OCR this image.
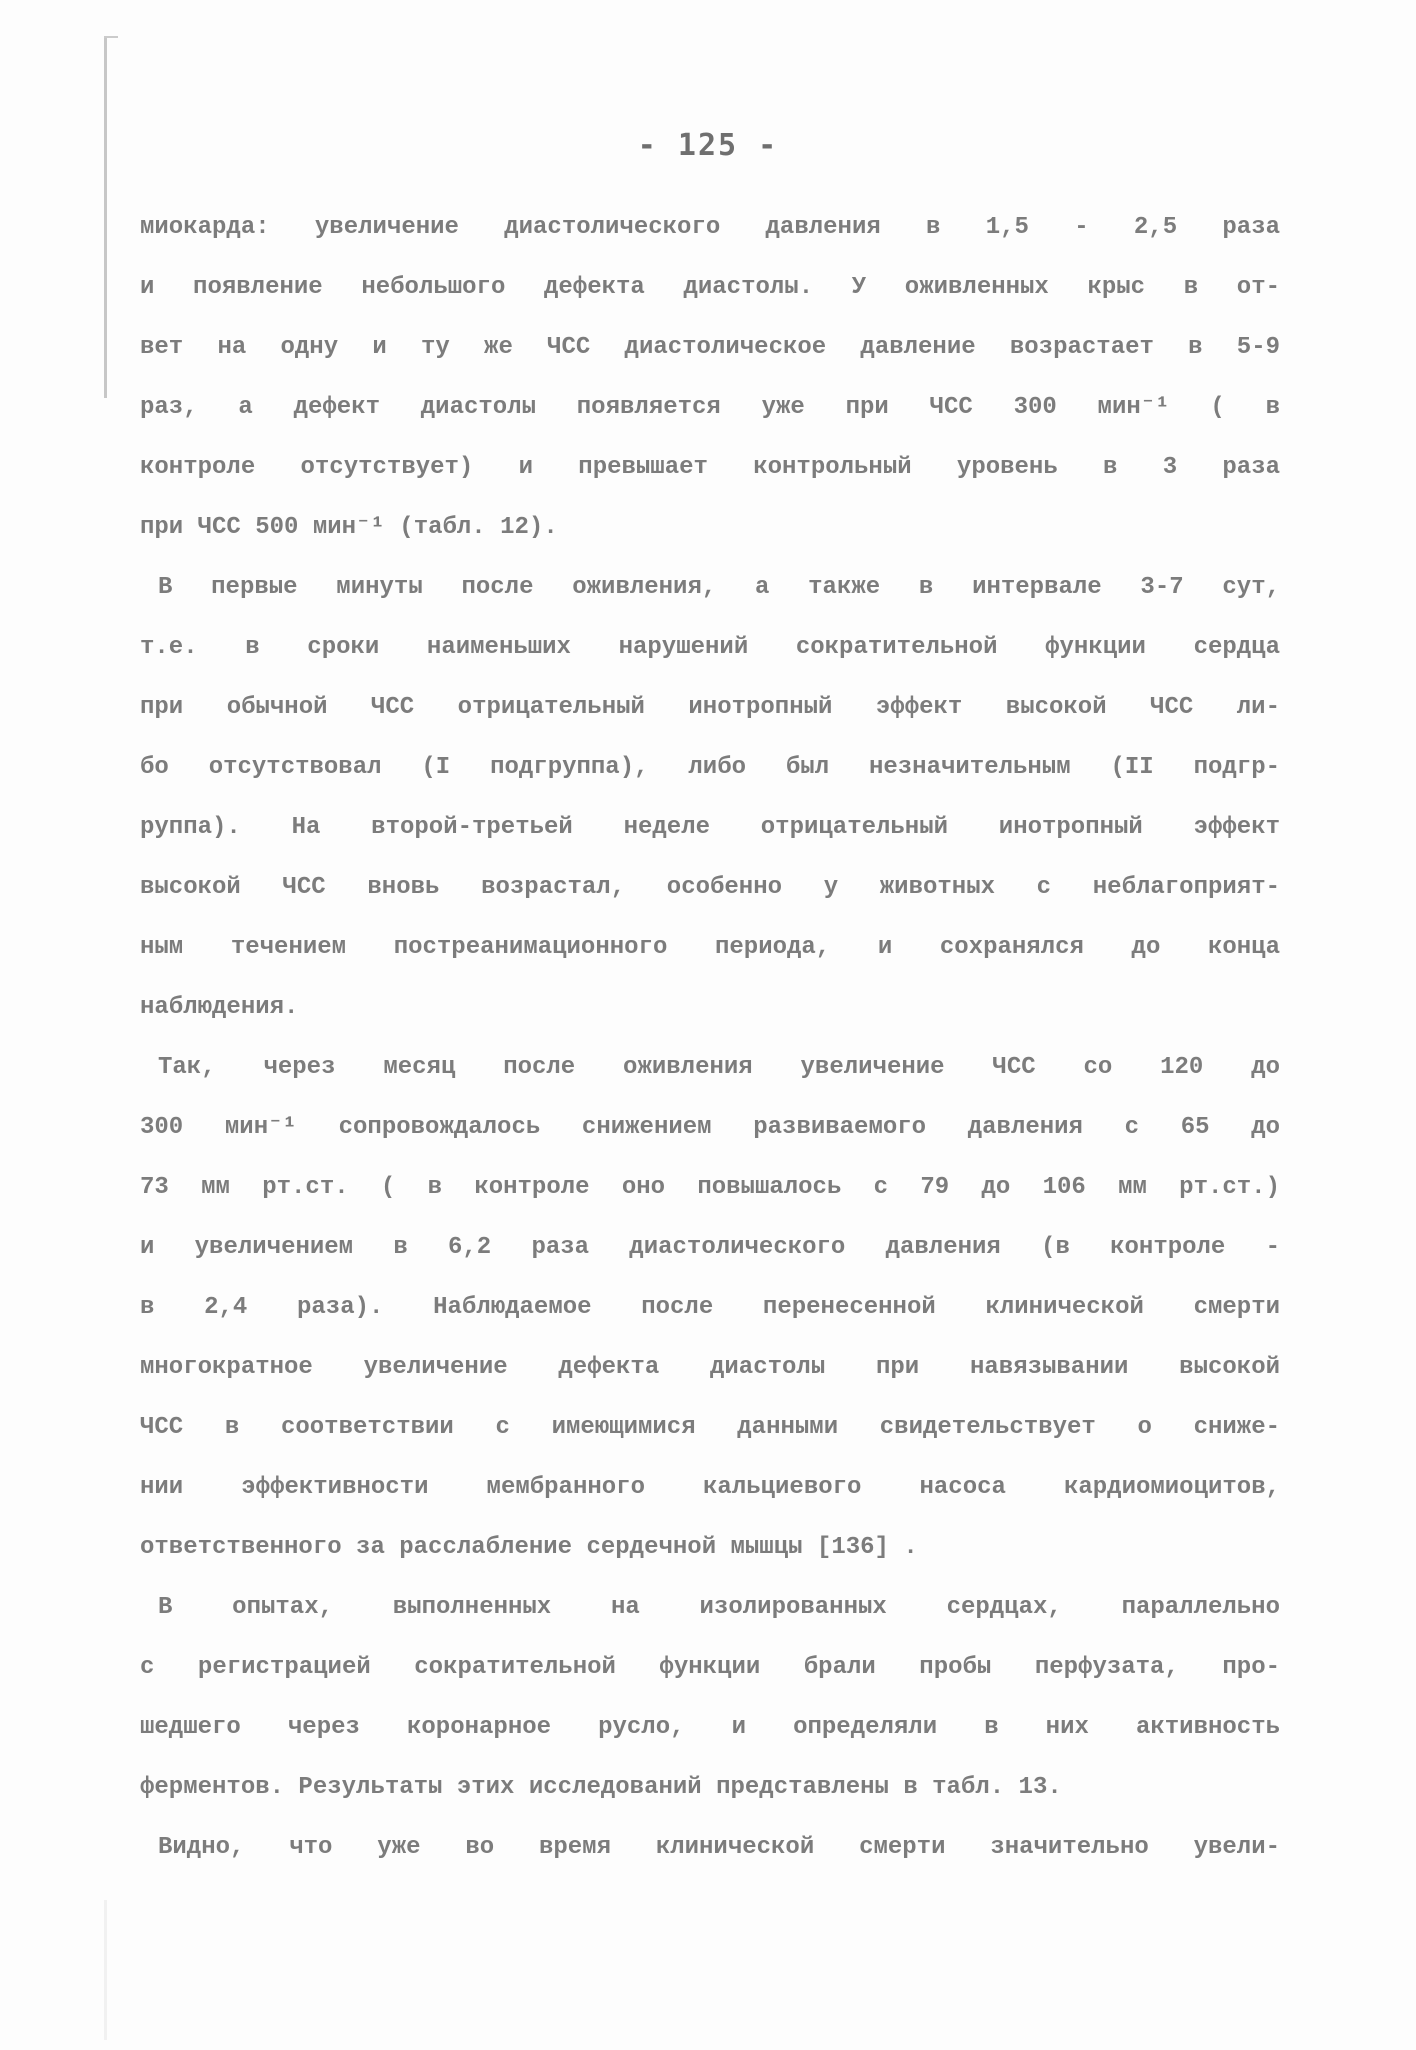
- 125 -
миокарда: увеличение диастолического давления в 1,5 - 2,5 раза
и появление небольшого дефекта диастолы. У оживленных крыс в от-
вет на одну и ту же ЧСС диастолическое давление возрастает в 5-9
раз, а дефект диастолы появляется уже при ЧСС 300 мин⁻¹ ( в
контроле отсутствует) и превышает контрольный уровень в 3 раза
при ЧСС 500 мин⁻¹ (табл. 12).
В первые минуты после оживления, а также в интервале 3-7 сут,
т.е. в сроки наименьших нарушений сократительной функции сердца
при обычной ЧСС отрицательный инотропный эффект высокой ЧСС ли-
бо отсутствовал (I подгруппа), либо был незначительным (II подгр-
руппа). На второй-третьей неделе отрицательный инотропный эффект
высокой ЧСС вновь возрастал, особенно у животных с неблагоприят-
ным течением постреанимационного периода, и сохранялся до конца
наблюдения.
Так, через месяц после оживления увеличение ЧСС со 120 до
300 мин⁻¹ сопровождалось снижением развиваемого давления с 65 до
73 мм рт.ст. ( в контроле оно повышалось с 79 до 106 мм рт.ст.)
и увеличением в 6,2 раза диастолического давления (в контроле -
в 2,4 раза). Наблюдаемое после перенесенной клинической смерти
многократное увеличение дефекта диастолы при навязывании высокой
ЧСС в соответствии с имеющимися данными свидетельствует о сниже-
нии эффективности мембранного кальциевого насоса кардиомиоцитов,
ответственного за расслабление сердечной мышцы [136] .
В опытах, выполненных на изолированных сердцах, параллельно
с регистрацией сократительной функции брали пробы перфузата, про-
шедшего через коронарное русло, и определяли в них активность
ферментов. Результаты этих исследований представлены в табл. 13.
Видно, что уже во время клинической смерти значительно увели-
